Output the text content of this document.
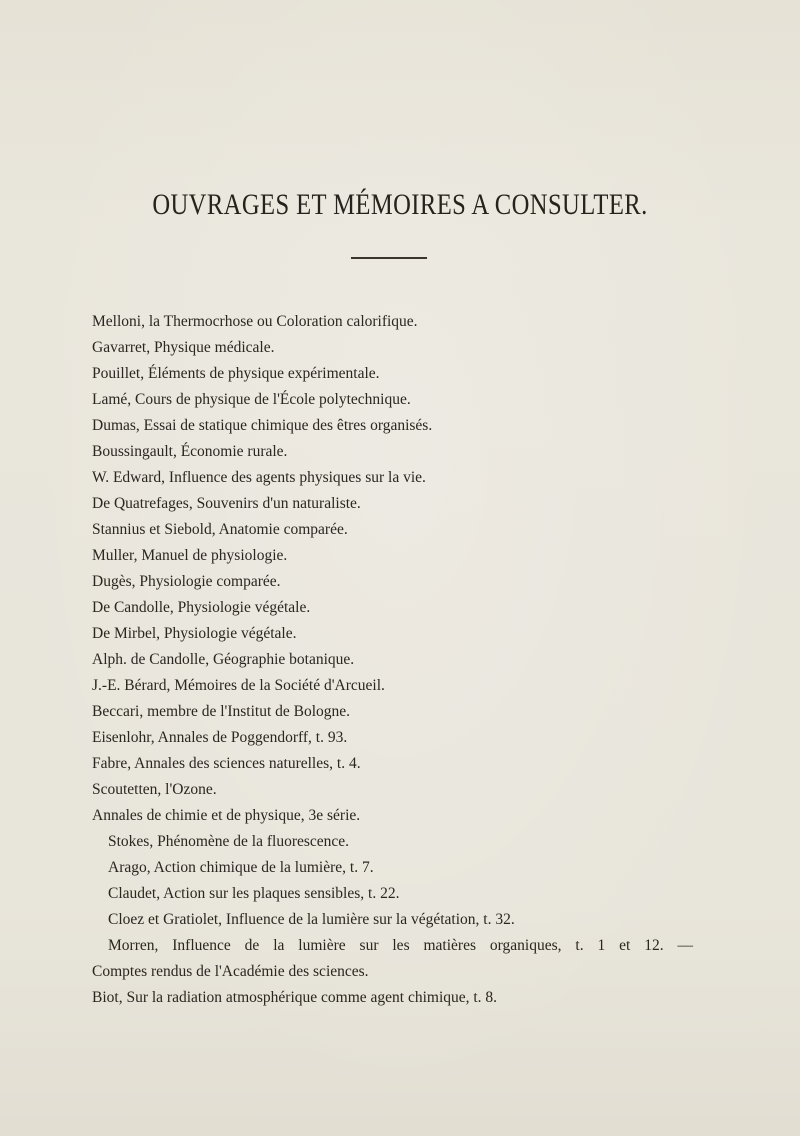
OUVRAGES ET MÉMOIRES A CONSULTER.
Melloni, la Thermocrhose ou Coloration calorifique.
Gavarret, Physique médicale.
Pouillet, Éléments de physique expérimentale.
Lamé, Cours de physique de l'École polytechnique.
Dumas, Essai de statique chimique des êtres organisés.
Boussingault, Économie rurale.
W. Edward, Influence des agents physiques sur la vie.
De Quatrefages, Souvenirs d'un naturaliste.
Stannius et Siebold, Anatomie comparée.
Muller, Manuel de physiologie.
Dugès, Physiologie comparée.
De Candolle, Physiologie végétale.
De Mirbel, Physiologie végétale.
Alph. de Candolle, Géographie botanique.
J.-E. Bérard, Mémoires de la Société d'Arcueil.
Beccari, membre de l'Institut de Bologne.
Eisenlohr, Annales de Poggendorff, t. 93.
Fabre, Annales des sciences naturelles, t. 4.
Scoutetten, l'Ozone.
Annales de chimie et de physique, 3e série.
Stokes, Phénomène de la fluorescence.
Arago, Action chimique de la lumière, t. 7.
Claudet, Action sur les plaques sensibles, t. 22.
Cloez et Gratiolet, Influence de la lumière sur la végétation, t. 32.
Morren, Influence de la lumière sur les matières organiques, t. 1 et 12. —
Comptes rendus de l'Académie des sciences.
Biot, Sur la radiation atmosphérique comme agent chimique, t. 8.
